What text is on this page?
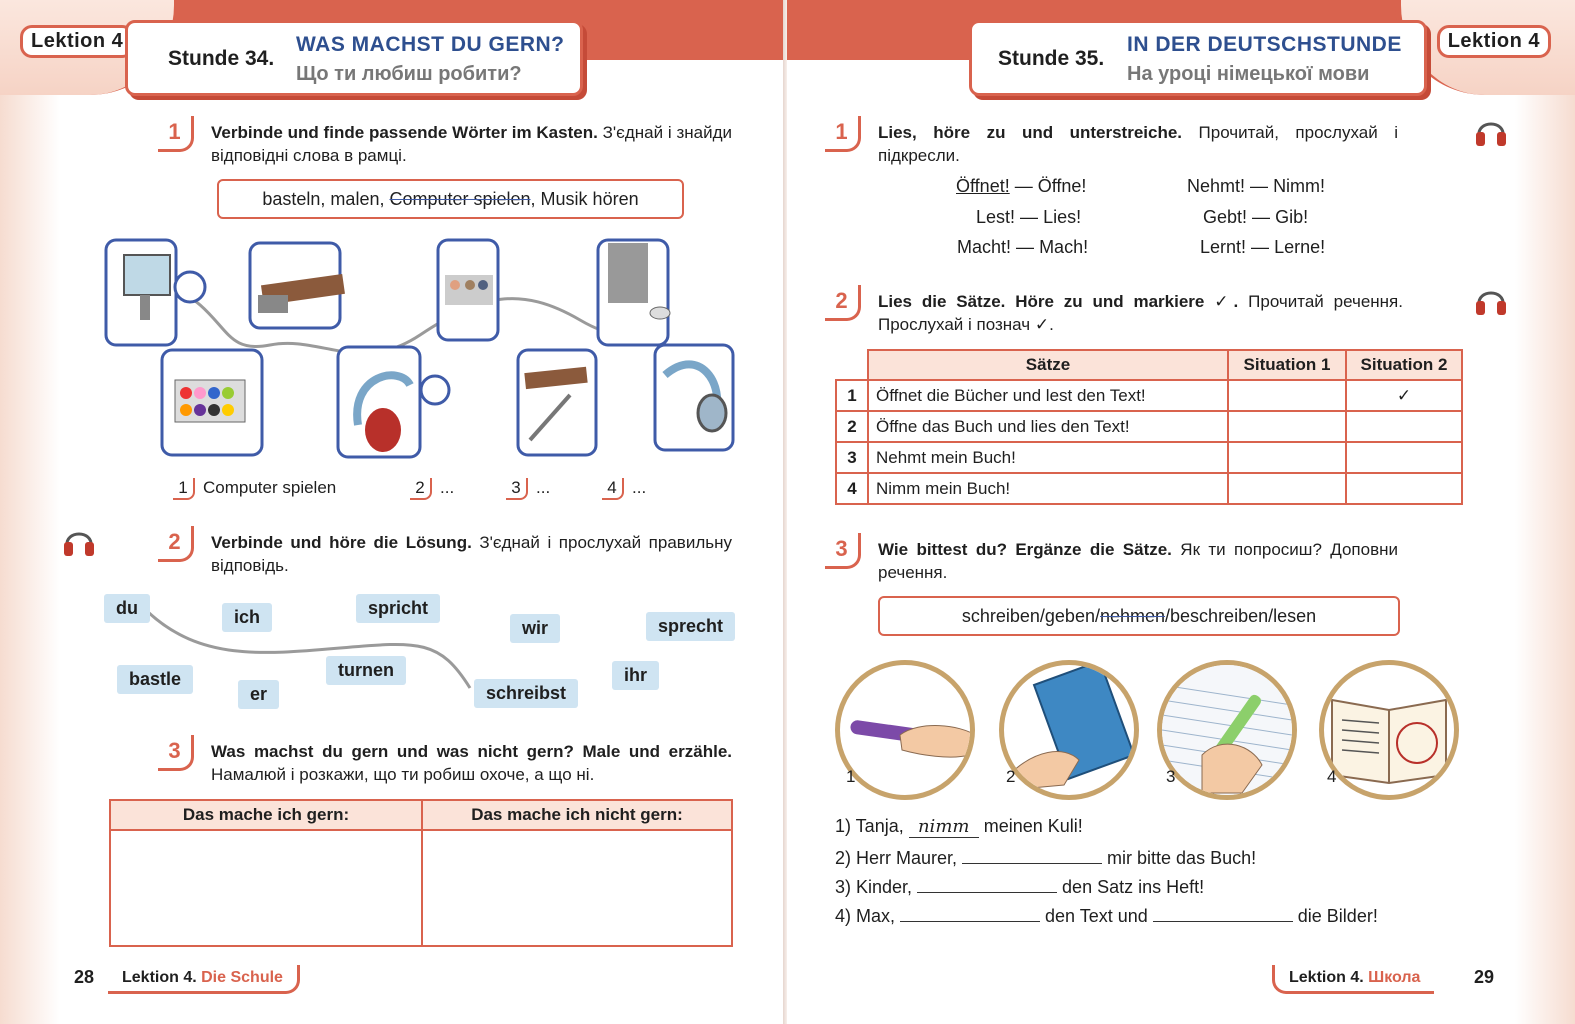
Lektion 4
Stunde 34.
WAS MACHST DU GERN?
Що ти любиш робити?
1	Verbinde und finde passende Wörter im Kasten. З'єднай і знайди відповідні слова в рамці.
basteln, malen, Computer spielen, Musik hören
1 Computer spielen	2 ...	3 ...	4 ...
2	Verbinde und höre die Lösung. З'єднай і прослухай правильну відповідь.
du	ich	spricht
wir	sprecht
bastle
er
turnen
schreibst
ihr
3	Was machst du gern und was nicht gern? Male und erzähle. Намалюй і розкажи, що ти робиш охоче, а що ні.
Das mache ich gern:	Das mache ich nicht gern:

28	Lektion 4. Die Schule
Lektion 4
Stunde 35.
IN DER DEUTSCHSTUNDE
На уроці німецької мови
1	Lies, höre zu und unterstreiche. Прочитай, прослухай і підкресли.
Öffnet! — Öffne!
Lest! — Lies!
Macht! — Mach!
Nehmt! — Nimm!
Gebt! — Gib!
Lernt! — Lerne!
2	Lies die Sätze. Höre zu und markiere ✓. Прочитай речення. Прослухай і познач ✓.
	Sätze	Situation 1	Situation 2
1	Öffnet die Bücher und lest den Text!		✓
2	Öffne das Buch und lies den Text!		
3	Nehmt mein Buch!		
4	Nimm mein Buch!		
3	Wie bittest du? Ergänze die Sätze. Як ти попросиш? Доповни речення.
schreiben/geben/nehmen/beschreiben/lesen
1	2	3	4
1) Tanja, nimm meinen Kuli!
2) Herr Maurer,	mir bitte das Buch!
3) Kinder,	den Satz ins Heft!
4) Max,	den Text und	die Bilder!
Lektion 4. Школа	29
